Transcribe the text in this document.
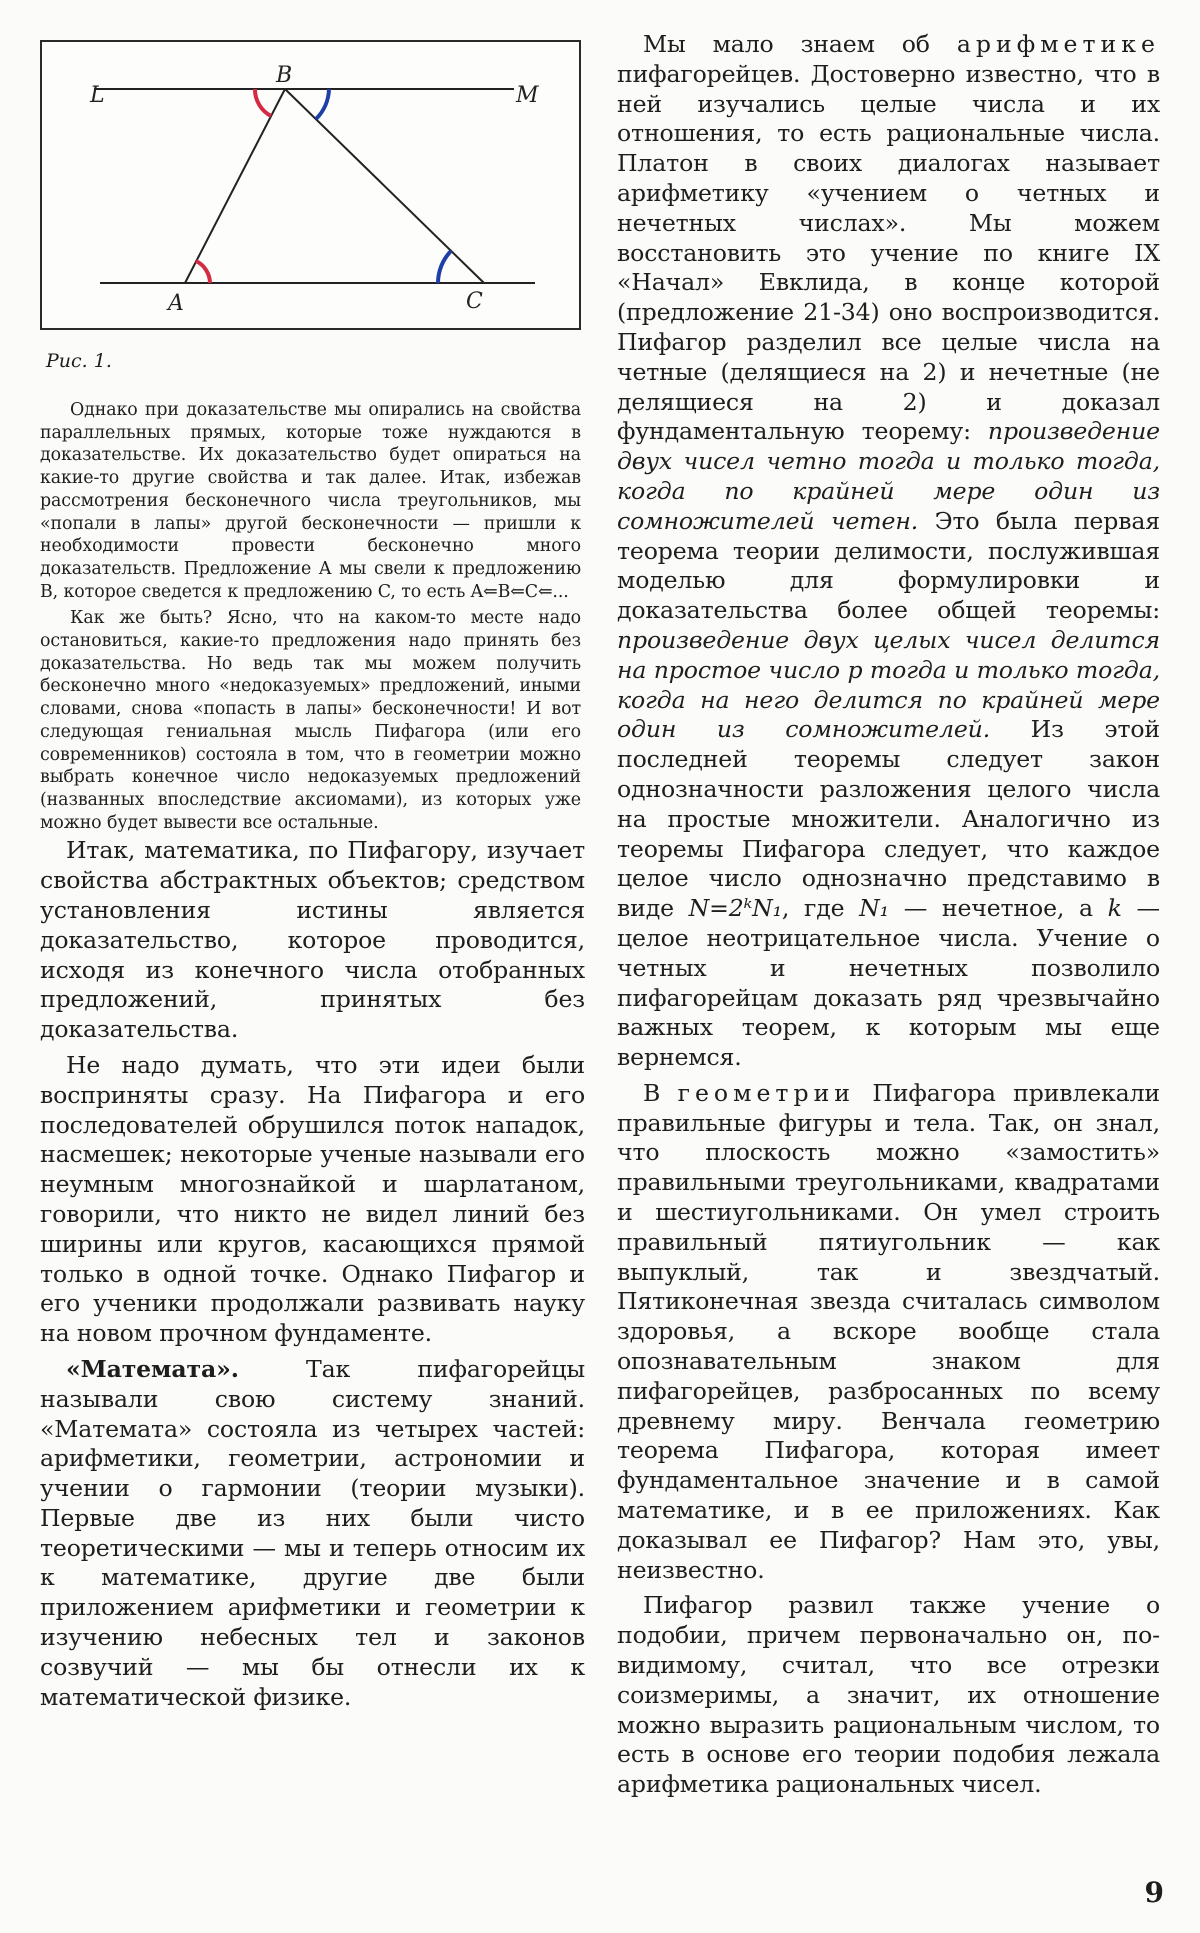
L
B
M
A	C
Рис. 1.

Однако при доказательстве мы опирались на свойства параллельных прямых, которые тоже нуждаются в доказательстве. Их доказательство будет опираться на какие-то другие свойства и так далее. Итак, избежав рассмотрения бесконечного числа треугольников, мы «попали в лапы» другой бесконечности — пришли к необходимости провести бесконечно много доказательств. Предложение A мы свели к предложению B, которое сведется к предложению C, то есть A⇐B⇐C⇐...

Как же быть? Ясно, что на каком-то месте надо остановиться, какие-то предложения надо принять без доказательства. Но ведь так мы можем получить бесконечно много «недоказуемых» предложений, иными словами, снова «попасть в лапы» бесконечности! И вот следующая гениальная мысль Пифагора (или его современников) состояла в том, что в геометрии можно выбрать конечное число недоказуемых предложений (названных впоследствие аксиомами), из которых уже можно будет вывести все остальные.

Итак, математика, по Пифагору, изучает свойства абстрактных объектов; средством установления истины является доказательство, которое проводится, исходя из конечного числа отобранных предложений, принятых без доказательства.

Не надо думать, что эти идеи были восприняты сразу. На Пифагора и его последователей обрушился поток нападок, насмешек; некоторые ученые называли его неумным многознайкой и шарлатаном, говорили, что никто не видел линий без ширины или кругов, касающихся прямой только в одной точке. Однако Пифагор и его ученики продолжали развивать науку на новом прочном фундаменте.

«Математа». Так пифагорейцы называли свою систему знаний. «Математа» состояла из четырех частей: арифметики, геометрии, астрономии и учении о гармонии (теории музыки). Первые две из них были чисто теоретическими — мы и теперь относим их к математике, другие две были приложением арифметики и геометрии к изучению небесных тел и законов созвучий — мы бы отнесли их к математической физике.

Мы мало знаем об арифметике пифагорейцев. Достоверно известно, что в ней изучались целые числа и их отношения, то есть рациональные числа. Платон в своих диалогах называет арифметику «учением о четных и нечетных числах». Мы можем восстановить это учение по книге IX «Начал» Евклида, в конце которой (предложение 21-34) оно воспроизводится. Пифагор разделил все целые числа на четные (делящиеся на 2) и нечетные (не делящиеся на 2) и доказал фундаментальную теорему: произведение двух чисел четно тогда и только тогда, когда по крайней мере один из сомножителей четен. Это была первая теорема теории делимости, послужившая моделью для формулировки и доказательства более общей теоремы: произведение двух целых чисел делится на простое число p тогда и только тогда, когда на него делится по крайней мере один из сомножителей. Из этой последней теоремы следует закон однозначности разложения целого числа на простые множители. Аналогично из теоремы Пифагора следует, что каждое целое число однозначно представимо в виде N=2ᵏN₁, где N₁ — нечетное, а k — целое неотрицательное числа. Учение о четных и нечетных позволило пифагорейцам доказать ряд чрезвычайно важных теорем, к которым мы еще вернемся.

В геометрии Пифагора привлекали правильные фигуры и тела. Так, он знал, что плоскость можно «замостить» правильными треугольниками, квадратами и шестиугольниками. Он умел строить правильный пятиугольник — как выпуклый, так и звездчатый. Пятиконечная звезда считалась символом здоровья, а вскоре вообще стала опознавательным знаком для пифагорейцев, разбросанных по всему древнему миру. Венчала геометрию теорема Пифагора, которая имеет фундаментальное значение и в самой математике, и в ее приложениях. Как доказывал ее Пифагор? Нам это, увы, неизвестно.

Пифагор развил также учение о подобии, причем первоначально он, по-видимому, считал, что все отрезки соизмеримы, а значит, их отношение можно выразить рациональным числом, то есть в основе его теории подобия лежала арифметика рациональных чисел.

9
